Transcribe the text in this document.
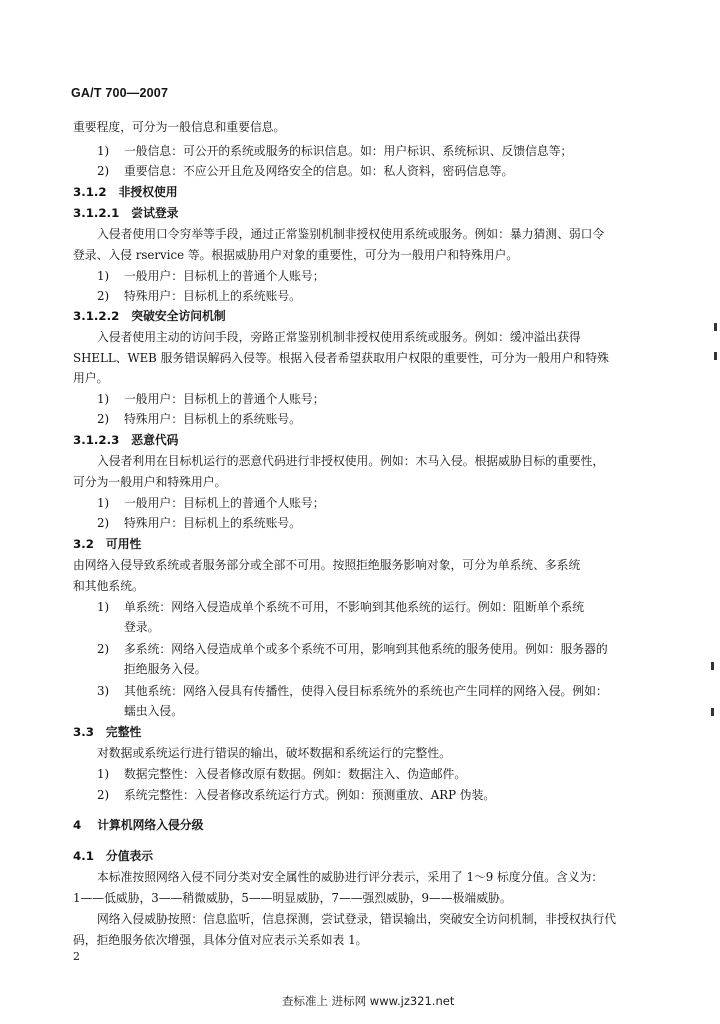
GA/T 700—2007
重要程度，可分为一般信息和重要信息。
1) 一般信息：可公开的系统或服务的标识信息。如：用户标识、系统标识、反馈信息等；
2) 重要信息：不应公开且危及网络安全的信息。如：私人资料，密码信息等。
3.1.2 非授权使用
3.1.2.1 尝试登录
入侵者使用口令穷举等手段，通过正常鉴别机制非授权使用系统或服务。例如：暴力猜测、弱口令
登录、入侵 rservice 等。根据威胁用户对象的重要性，可分为一般用户和特殊用户。
1) 一般用户：目标机上的普通个人账号；
2) 特殊用户：目标机上的系统账号。
3.1.2.2 突破安全访问机制
入侵者使用主动的访问手段，旁路正常鉴别机制非授权使用系统或服务。例如：缓冲溢出获得
SHELL、WEB 服务错误解码入侵等。根据入侵者希望获取用户权限的重要性，可分为一般用户和特殊
用户。
1) 一般用户：目标机上的普通个人账号；
2) 特殊用户：目标机上的系统账号。
3.1.2.3 恶意代码
入侵者利用在目标机运行的恶意代码进行非授权使用。例如：木马入侵。根据威胁目标的重要性，
可分为一般用户和特殊用户。
1) 一般用户：目标机上的普通个人账号；
2) 特殊用户：目标机上的系统账号。
3.2 可用性
由网络入侵导致系统或者服务部分或全部不可用。按照拒绝服务影响对象，可分为单系统、多系统
和其他系统。
1) 单系统：网络入侵造成单个系统不可用，不影响到其他系统的运行。例如：阻断单个系统
登录。
2) 多系统：网络入侵造成单个或多个系统不可用，影响到其他系统的服务使用。例如：服务器的
拒绝服务入侵。
3) 其他系统：网络入侵具有传播性，使得入侵目标系统外的系统也产生同样的网络入侵。例如：
蠕虫入侵。
3.3 完整性
对数据或系统运行进行错误的输出，破坏数据和系统运行的完整性。
1) 数据完整性：入侵者修改原有数据。例如：数据注入、伪造邮件。
2) 系统完整性：入侵者修改系统运行方式。例如：预测重放、ARP 伪装。
4 计算机网络入侵分级
4.1 分值表示
本标准按照网络入侵不同分类对安全属性的威胁进行评分表示，采用了 1～9 标度分值。含义为：
1——低威胁，3——稍微威胁，5——明显威胁，7——强烈威胁，9——极端威胁。
网络入侵威胁按照：信息监听，信息探测，尝试登录，错误输出，突破安全访问机制，非授权执行代
码，拒绝服务依次增强，具体分值对应表示关系如表 1。
2
查标准上 进标网 www.jz321.net
